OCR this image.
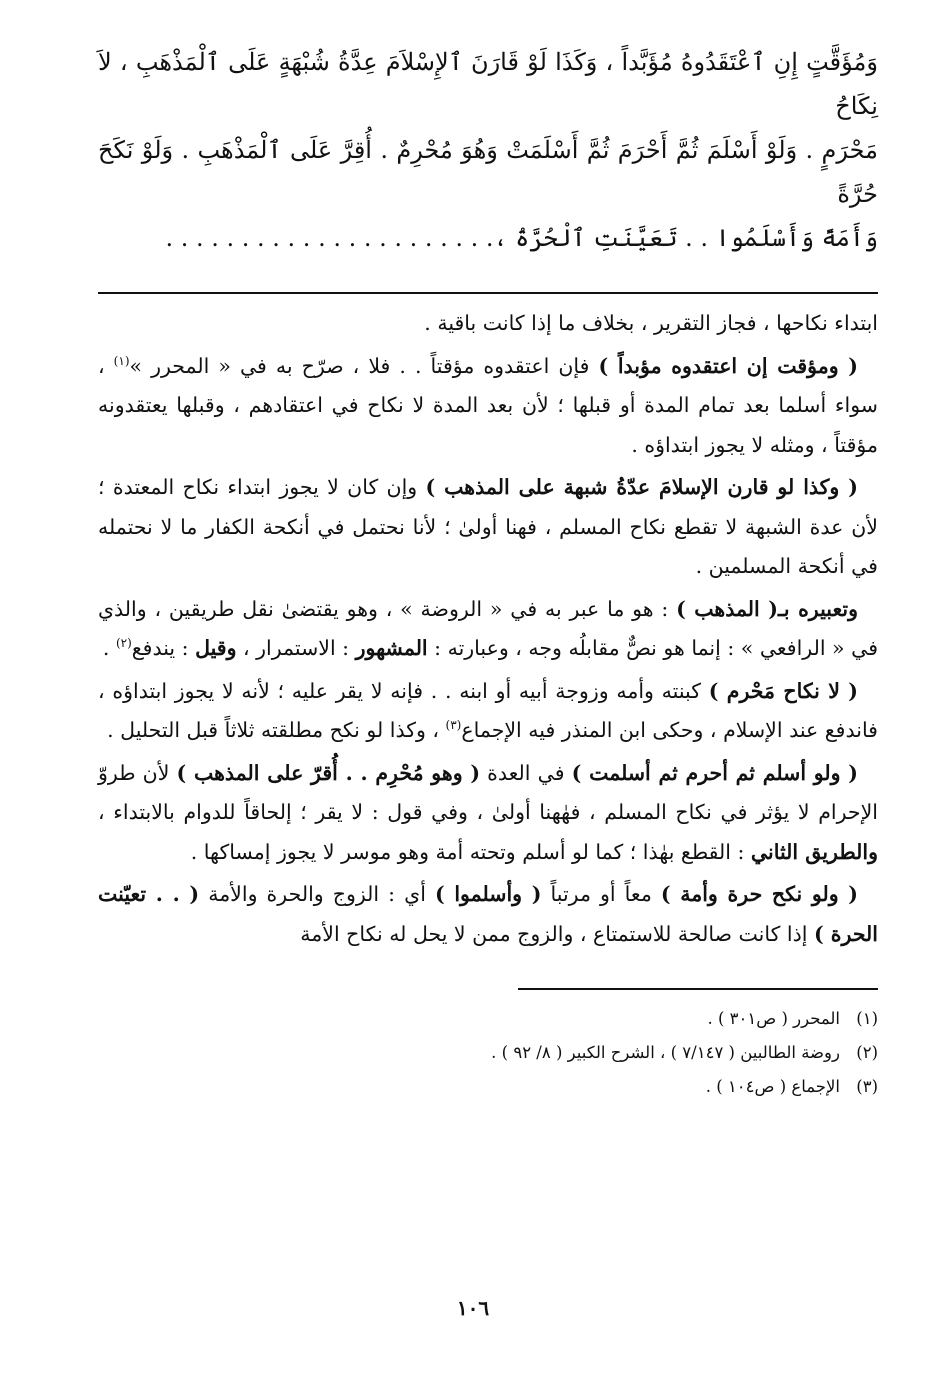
وَمُؤَقَّتٍ إِنِ ٱعْتَقَدُوهُ مُؤَبَّداً ، وَكَذَا لَوْ قَارَنَ ٱلإِسْلاَمَ عِدَّةُ شُبْهَةٍ عَلَى ٱلْمَذْهَبِ ، لاَ نِكَاحُ
مَحْرَمٍ . وَلَوْ أَسْلَمَ ثُمَّ أَحْرَمَ ثُمَّ أَسْلَمَتْ وَهُوَ مُحْرِمٌ . أُقِرَّ عَلَى ٱلْمَذْهَبِ . وَلَوْ نَكَحَ حُرَّةً
وَأَمَةً وَأَسْلَمُوا . . تَعَيَّنَتِ ٱلْحُرَّةُ ،. . . . . . . . . . . . . . . . . . . . . .

ابتداء نكاحها ، فجاز التقرير ، بخلاف ما إذا كانت باقية .

( ومؤقت إن اعتقدوه مؤبداً ) فإن اعتقدوه مؤقتاً . . فلا ، صرّح به في « المحرر »$^{(١)}$ ، سواء أسلما بعد تمام المدة أو قبلها ؛ لأن بعد المدة لا نكاح في اعتقادهم ، وقبلها يعتقدونه مؤقتاً ، ومثله لا يجوز ابتداؤه .

( وكذا لو قارن الإسلامَ عدّةُ شبهة على المذهب ) وإن كان لا يجوز ابتداء نكاح المعتدة ؛ لأن عدة الشبهة لا تقطع نكاح المسلم ، فهنا أولىٰ ؛ لأنا نحتمل في أنكحة الكفار ما لا نحتمله في أنكحة المسلمين .

وتعبيره بـ( المذهب ) : هو ما عبر به في « الروضة » ، وهو يقتضىٰ نقل طريقين ، والذي في « الرافعي » : إنما هو نصٌّ مقابلُه وجه ، وعبارته : المشهور : الاستمرار ، وقيل : يندفع$^{(٢)}$ .

( لا نكاح مَحْرم ) كبنته وأمه وزوجة أبيه أو ابنه . . فإنه لا يقر عليه ؛ لأنه لا يجوز ابتداؤه ، فاندفع عند الإسلام ، وحكى ابن المنذر فيه الإجماع$^{(٣)}$ ، وكذا لو نكح مطلقته ثلاثاً قبل التحليل .

( ولو أسلم ثم أحرم ثم أسلمت ) في العدة ( وهو مُحْرِم . . أُقرّ على المذهب ) لأن طروّ الإحرام لا يؤثر في نكاح المسلم ، فهٰهنا أولىٰ ، وفي قول : لا يقر ؛ إلحاقاً للدوام بالابتداء ، والطريق الثاني : القطع بهٰذا ؛ كما لو أسلم وتحته أمة وهو موسر لا يجوز إمساكها .

( ولو نكح حرة وأمة ) معاً أو مرتباً ( وأسلموا ) أي : الزوج والحرة والأمة ( . . تعيّنت الحرة ) إذا كانت صالحة للاستمتاع ، والزوج ممن لا يحل له نكاح الأمة

(١)
المحرر ( ص٣٠١ ) .
(٢)
روضة الطالبين ( ٧/١٤٧ ) ، الشرح الكبير ( ٨/ ٩٢ ) .
(٣)
الإجماع ( ص١٠٤ ) .
١٠٦
